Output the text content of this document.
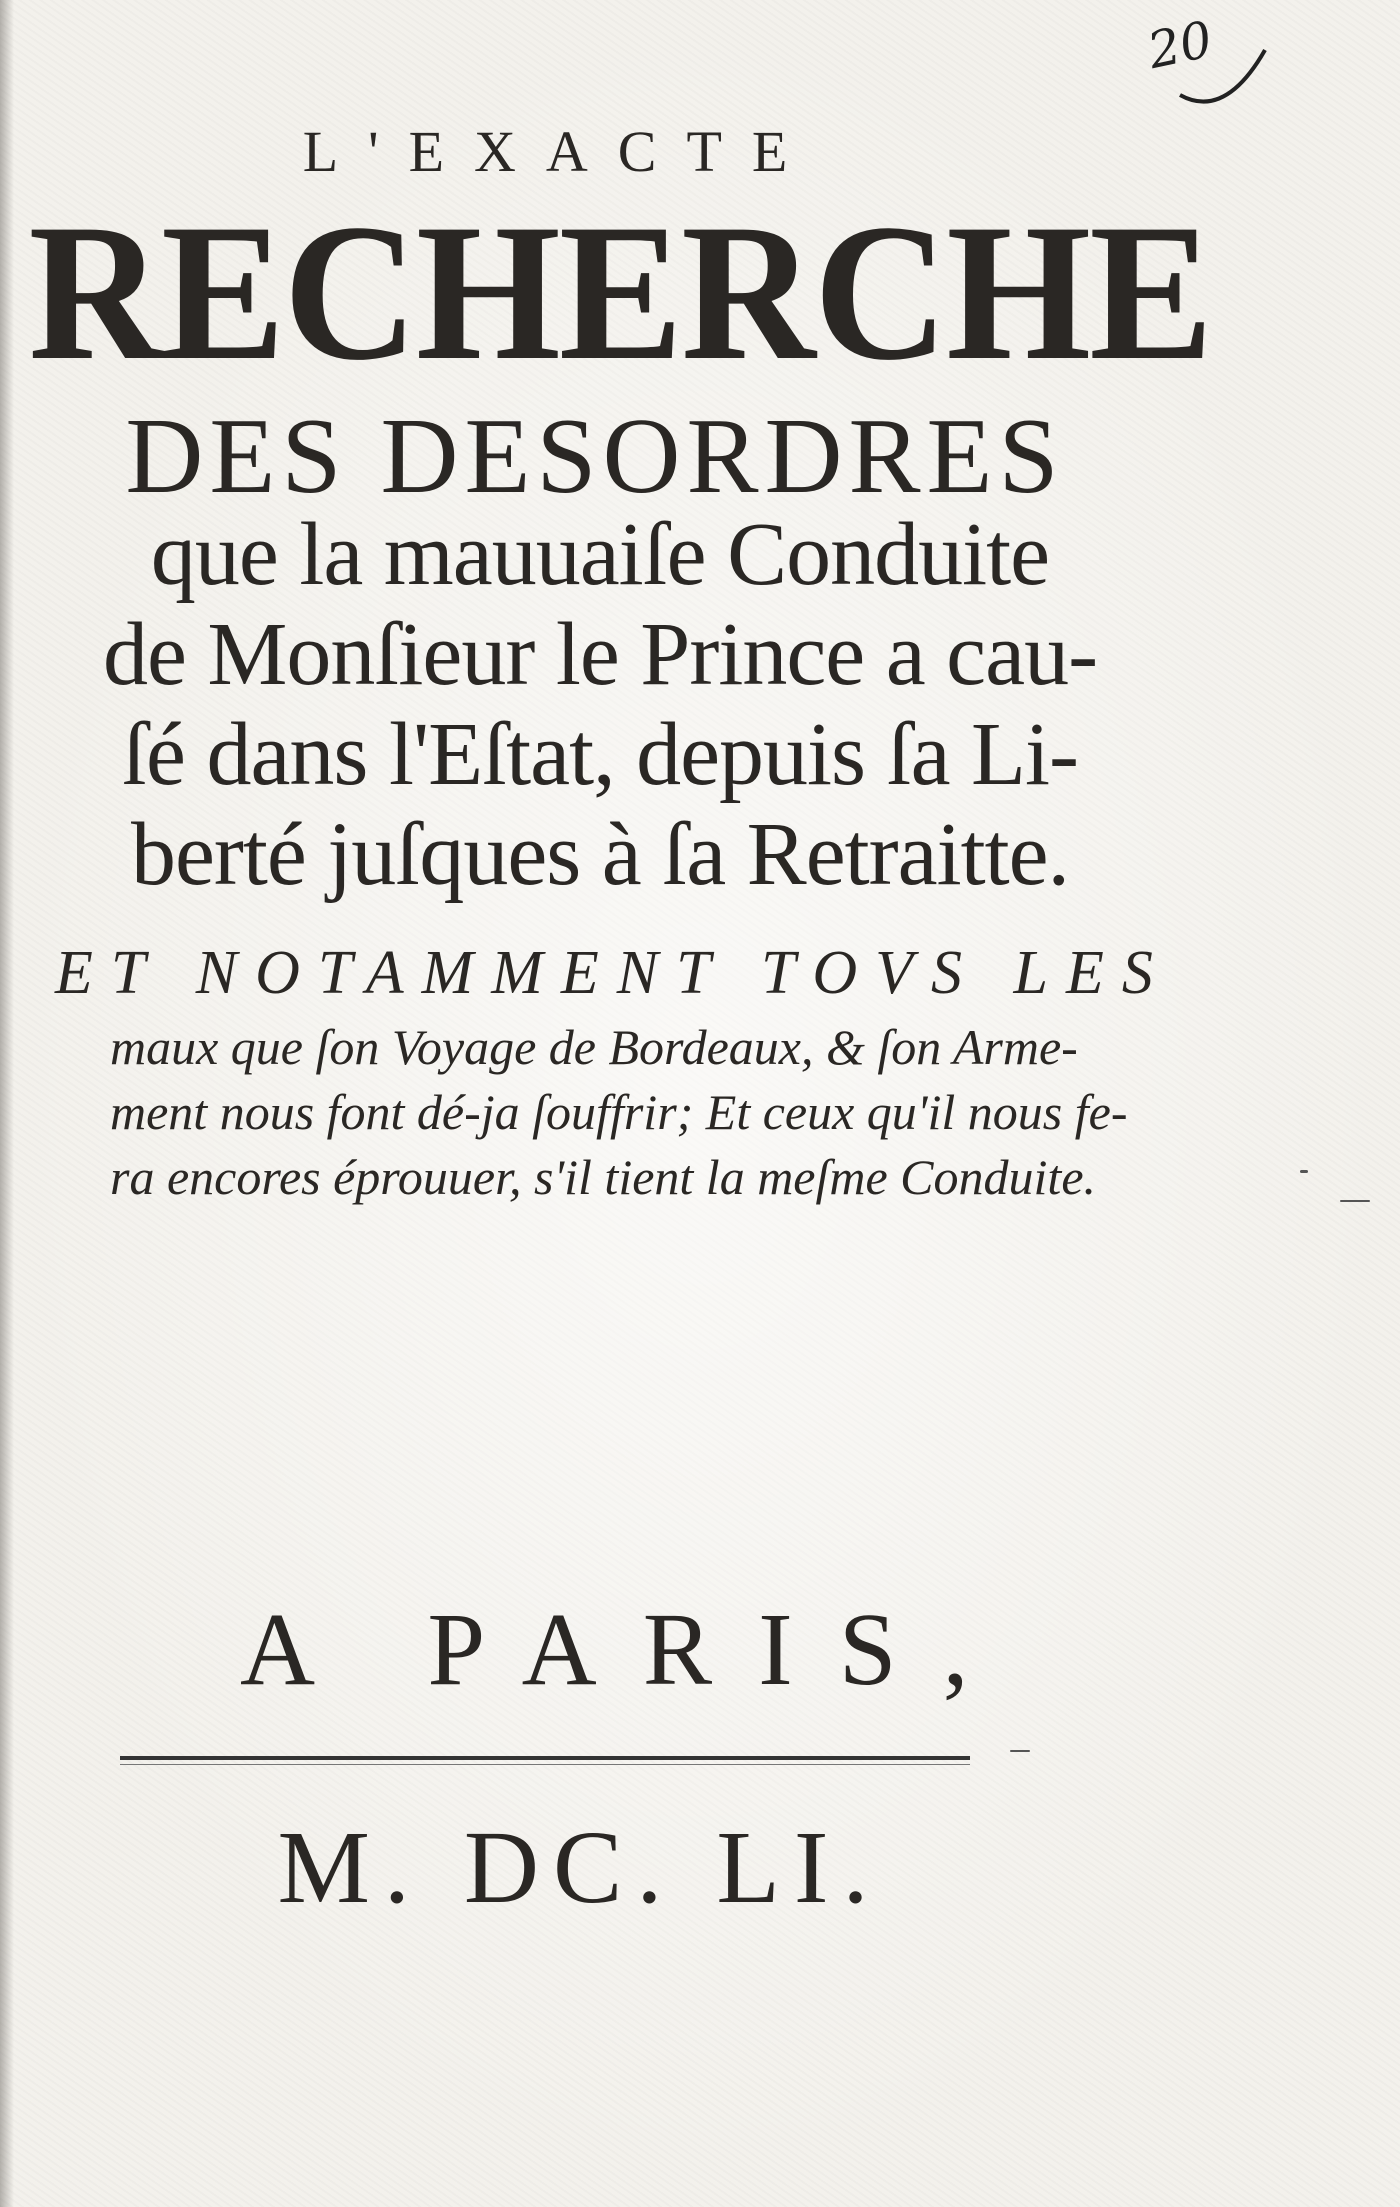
20
L'EXACTE
RECHERCHE
DES DESORDRES
que la mauuaiſe Conduite
de Monſieur le Prince a cau-
ſé dans l'Eſtat, depuis ſa Li-
berté juſques à ſa Retraitte.
ET NOTAMMENT TOVS LES
maux que ſon Voyage de Bordeaux, & ſon Arme-
ment nous font dé-ja ſouffrir; Et ceux qu'il nous fe-
ra encores éprouuer, s'il tient la meſme Conduite.
A PARIS,
M. DC. LI.
